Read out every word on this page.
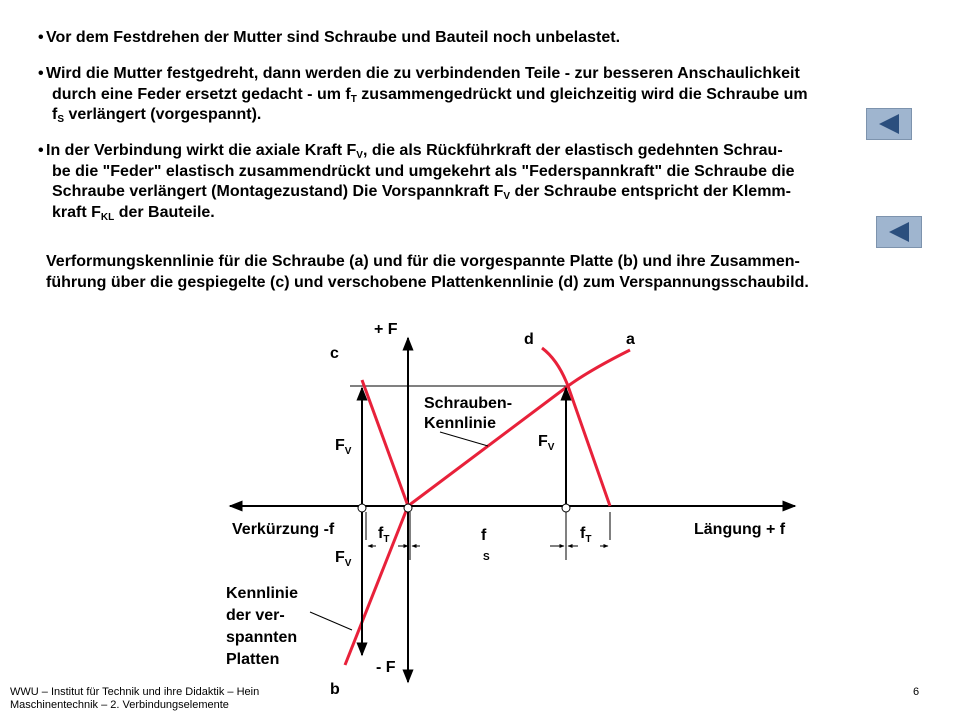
• Vor dem Festdrehen der Mutter sind Schraube und Bauteil noch unbelastet.
• Wird die Mutter festgedreht, dann werden die zu verbindenden Teile - zur besseren Anschaulichkeit
durch eine Feder ersetzt gedacht - um $f_T$ zusammengedrückt und gleichzeitig wird die Schraube um
$f_S$ verlängert (vorgespannt).
• In der Verbindung wirkt die axiale Kraft $F_V$, die als Rückführkraft der elastisch gedehnten Schrau-
be die "Feder" elastisch zusammendrückt und umgekehrt als "Federspannkraft" die Schraube die
Schraube verlängert (Montagezustand) Die Vorspannkraft $F_V$ der Schraube entspricht der Klemm-
kraft $F_{KL}$ der Bauteile.
Verformungskennlinie für die Schraube (a) und für die vorgespannte Platte (b) und ihre Zusammen-
führung über die gespiegelte (c) und verschobene Plattenkennlinie (d) zum Verspannungsschaubild.
+ F
- F
a
b
c
d
Schrauben-
Kennlinie
$F_V$
$F_V$
$F_V$
$f_T$	$f_T$
f
S
Verkürzung -f	Längung + f
Kennlinie
der ver-
spannten
Platten
WWU – Institut für Technik und ihre Didaktik – Hein
Maschinentechnik – 2. Verbindungselemente
6
